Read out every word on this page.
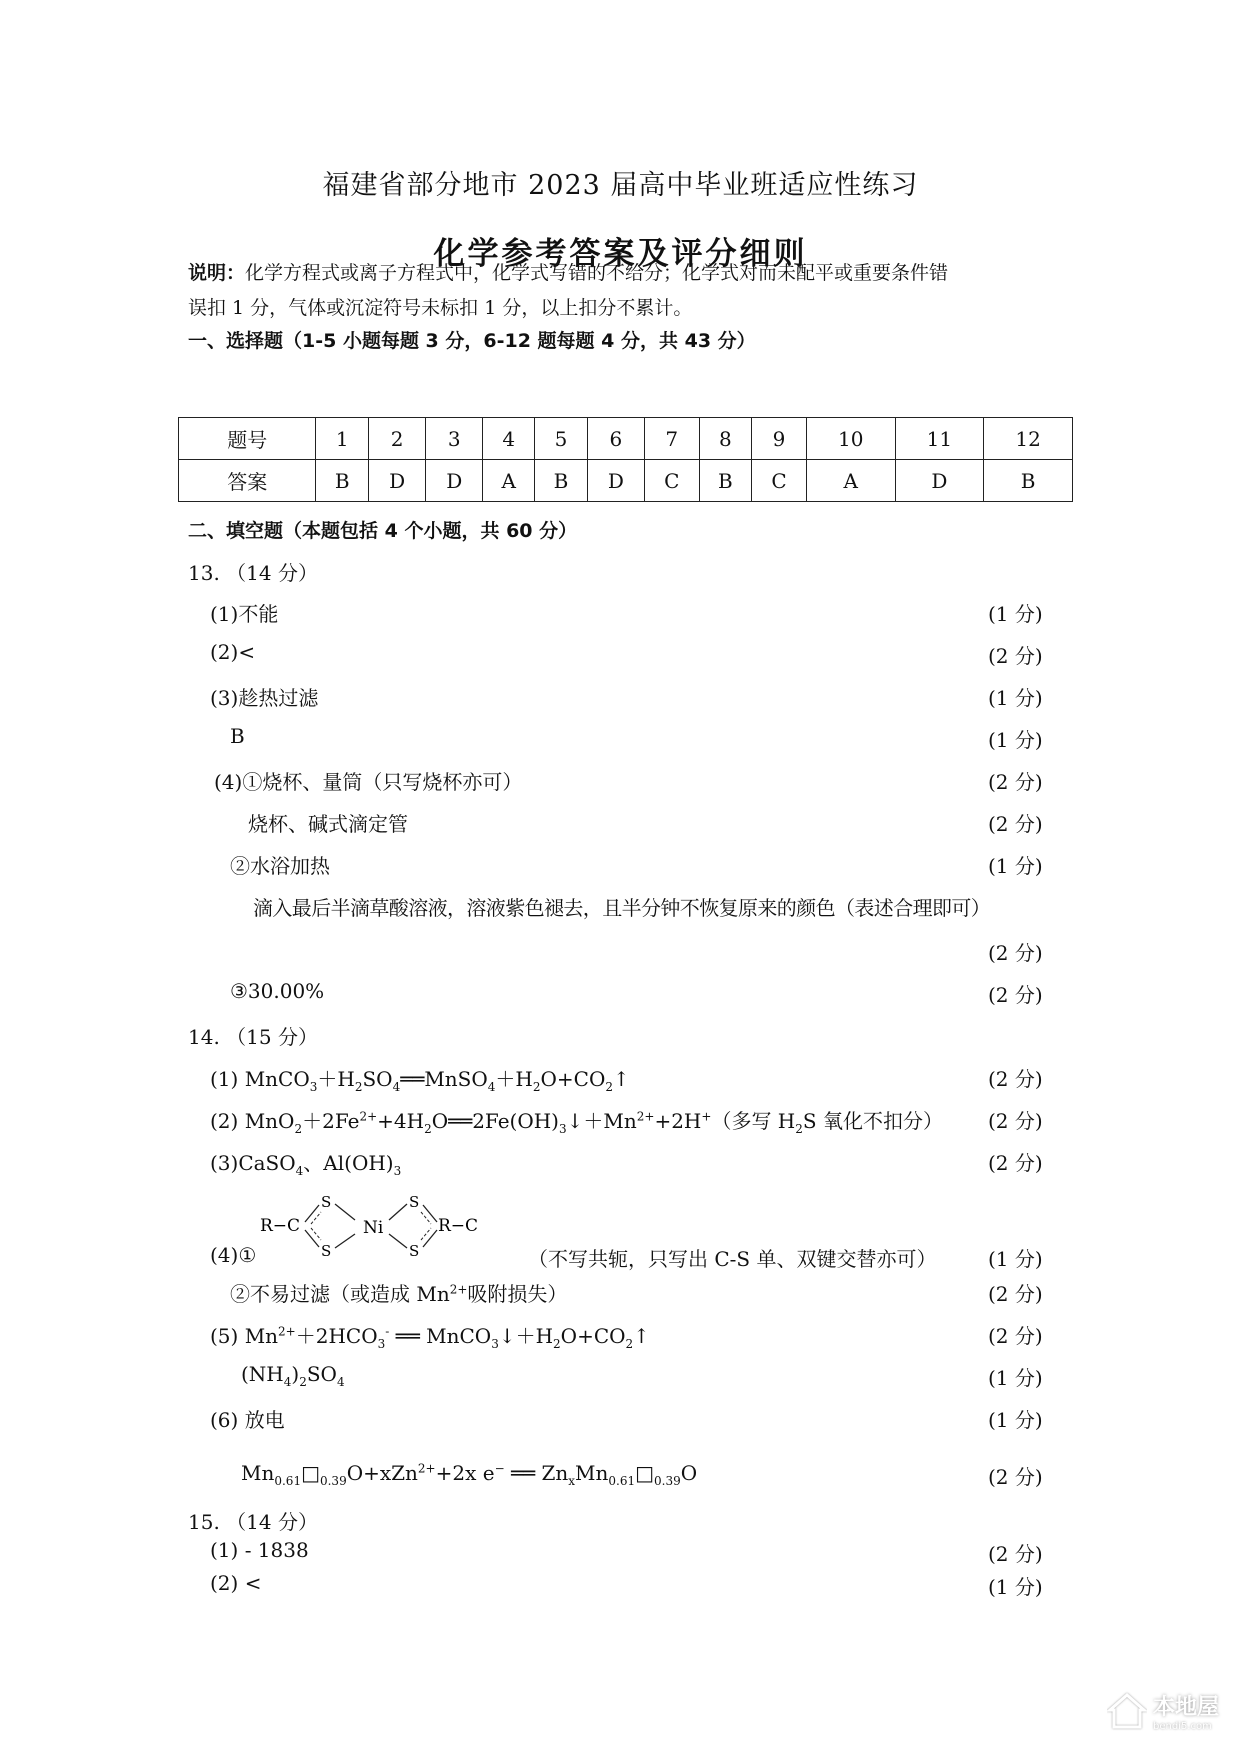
福建省部分地市 2023 届高中毕业班适应性练习
化学参考答案及评分细则
说明：化学方程式或离子方程式中，化学式写错的不给分；化学式对而未配平或重要条件错
误扣 1 分，气体或沉淀符号未标扣 1 分，以上扣分不累计。
一、选择题（1-5 小题每题 3 分，6-12 题每题 4 分，共 43 分）
题号	1	2	3	4	5	6	7	8	9	10	11	12
答案	B	D	D	A	B	D	C	B	C	A	D	B
二、填空题（本题包括 4 个小题，共 60 分）
13. （14 分）
(1)不能	(1 分)
(2)<	(2 分)
(3)趁热过滤	(1 分)
B	(1 分)
(4)①烧杯、量筒（只写烧杯亦可）	(2 分)
烧杯、碱式滴定管	(2 分)
②水浴加热	(1 分)
滴入最后半滴草酸溶液，溶液紫色褪去，且半分钟不恢复原来的颜色（表述合理即可）
(2 分)
③30.00%	(2 分)
14. （15 分）
(1) $MnCO_3+H_2SO_4══MnSO_4+H_2O+CO_2↑$	(2 分)
(2) $MnO_2+2Fe^{2+}+4H_2O══2Fe(OH)_3↓+Mn^{2+}+2H^+$（多写 $H_2S$ 氧化不扣分） (2 分)
(3)CaSO$_4$、$Al(OH)_3$	(2 分)
R−C
S
S
Ni
S
S
R−C
(4)①	（不写共轭，只写出 C-S 单、双键交替亦可）	(1 分)
②不易过滤（或造成 $Mn^{2+}$吸附损失）	(2 分)
(5) $Mn^{2+}+2HCO_3^-$ ══ $MnCO_3↓+H_2O+CO_2↑$	(2 分)
$(NH_4)_2SO_4$	(1 分)
(6) 放电	(1 分)
$Mn_{0.61}□_{0.39}O+xZn^{2+}+2x$ e− ══ $Zn_xMn_{0.61}□_{0.39}O$	(2 分)
15. （14 分）
(1) - 1838	(2 分)
(2) <	(1 分)
本地屋
bendi5.com
